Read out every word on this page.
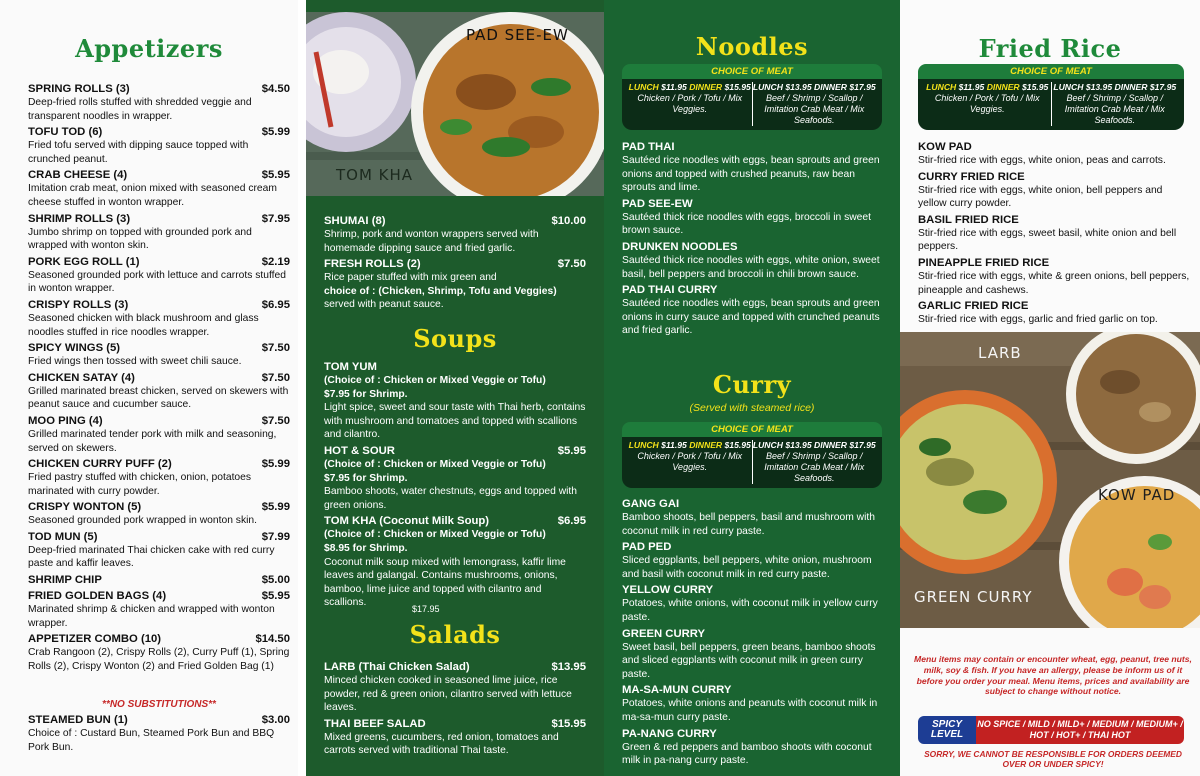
Appetizers
SPRING ROLLS (3)	$4.50
Deep-fried rolls stuffed with shredded veggie and transparent noodles in wrapper.
TOFU TOD (6)	$5.99
Fried tofu served with dipping sauce topped with crunched peanut.
CRAB CHEESE (4)	$5.95
Imitation crab meat, onion mixed with seasoned cream cheese stuffed in wonton wrapper.
SHRIMP ROLLS (3)	$7.95
Jumbo shrimp on topped with grounded pork and wrapped with wonton skin.
PORK EGG ROLL (1)	$2.19
Seasoned grounded pork with lettuce and carrots stuffed in wonton wrapper.
CRISPY ROLLS (3)	$6.95
Seasoned chicken with black mushroom and glass noodles stuffed in rice noodles wrapper.
SPICY WINGS (5)	$7.50
Fried wings then tossed with sweet chili sauce.
CHICKEN SATAY (4)	$7.50
Grilled marinated breast chicken, served on skewers with peanut sauce and cucumber sauce.
MOO PING (4)	$7.50
Grilled marinated tender pork with milk and seasoning, served on skewers.
CHICKEN CURRY PUFF (2)	$5.99
Fried pastry stuffed with chicken, onion, potatoes marinated with curry powder.
CRISPY WONTON (5)	$5.99
Seasoned grounded pork wrapped in wonton skin.
TOD MUN (5)	$7.99
Deep-fried marinated Thai chicken cake with red curry paste and kaffir leaves.
SHRIMP CHIP	$5.00
FRIED GOLDEN BAGS (4)	$5.95
Marinated shrimp & chicken and wrapped with wonton wrapper.
APPETIZER COMBO (10)	$14.50
Crab Rangoon (2), Crispy Rolls (2), Curry Puff (1), Spring Rolls (2), Crispy Wonton (2) and Fried Golden Bag (1)
**NO SUBSTITUTIONS**
STEAMED BUN (1)	$3.00
Choice of : Custard Bun, Steamed Pork Bun and BBQ Pork Bun.
PAD SEE-EW
TOM KHA
SHUMAI (8)	$10.00
Shrimp, pork and wonton wrappers served with homemade dipping sauce and fried garlic.
FRESH ROLLS (2)	$7.50
Rice paper stuffed with mix green and
choice of : (Chicken, Shrimp, Tofu and Veggies)
served with peanut sauce.
Soups
TOM YUM
(Choice of : Chicken or Mixed Veggie or Tofu)
$7.95 for Shrimp.
Light spice, sweet and sour taste with Thai herb, contains with mushroom and tomatoes and topped with scallions and cilantro.
HOT & SOUR	$5.95
(Choice of : Chicken or Mixed Veggie or Tofu)
$7.95 for Shrimp.
Bamboo shoots, water chestnuts, eggs and topped with green onions.
TOM KHA (Coconut Milk Soup)	$6.95
(Choice of : Chicken or Mixed Veggie or Tofu)
$8.95 for Shrimp.
Coconut milk soup mixed with lemongrass, kaffir lime leaves and galangal. Contains mushrooms, onions, bamboo, lime juice and topped with cilantro and scallions.
$17.95
Salads
LARB (Thai Chicken Salad)	$13.95
Minced chicken cooked in seasoned lime juice, rice powder, red & green onion, cilantro served with lettuce leaves.
THAI BEEF SALAD	$15.95
Mixed greens, cucumbers, red onion, tomatoes and carrots served with traditional Thai taste.
Noodles
CHOICE OF MEAT
LUNCH $11.95 DINNER $15.95
Chicken / Pork / Tofu / Mix Veggies.
LUNCH $13.95 DINNER $17.95
Beef / Shrimp / Scallop / Imitation Crab Meat / Mix Seafoods.
PAD THAI
Sautéed rice noodles with eggs, bean sprouts and green onions and topped with crushed peanuts, raw bean sprouts and lime.
PAD SEE-EW
Sautéed thick rice noodles with eggs, broccoli in sweet brown sauce.
DRUNKEN NOODLES
Sautéed thick rice noodles with eggs, white onion, sweet basil, bell peppers and broccoli in chili brown sauce.
PAD THAI CURRY
Sautéed rice noodles with eggs, bean sprouts and green onions in curry sauce and topped with crunched peanuts and fried garlic.
Curry
(Served with steamed rice)
CHOICE OF MEAT
LUNCH $11.95 DINNER $15.95
Chicken / Pork / Tofu / Mix Veggies.
LUNCH $13.95 DINNER $17.95
Beef / Shrimp / Scallop / Imitation Crab Meat / Mix Seafoods.
GANG GAI
Bamboo shoots, bell peppers, basil and mushroom with coconut milk in red curry paste.
PAD PED
Sliced eggplants, bell peppers, white onion, mushroom and basil with coconut milk in red curry paste.
YELLOW CURRY
Potatoes, white onions, with coconut milk in yellow curry paste.
GREEN CURRY
Sweet basil, bell peppers, green beans, bamboo shoots and sliced eggplants with coconut milk in green curry paste.
MA-SA-MUN CURRY
Potatoes, white onions and peanuts with coconut milk in ma-sa-mun curry paste.
PA-NANG CURRY
Green & red peppers and bamboo shoots with coconut milk in pa-nang curry paste.
Fried Rice
CHOICE OF MEAT
LUNCH $11.95 DINNER $15.95
Chicken / Pork / Tofu / Mix Veggies.
LUNCH $13.95 DINNER $17.95
Beef / Shrimp / Scallop / Imitation Crab Meat / Mix Seafoods.
KOW PAD
Stir-fried rice with eggs, white onion, peas and carrots.
CURRY FRIED RICE
Stir-fried rice with eggs, white onion, bell peppers and yellow curry powder.
BASIL FRIED RICE
Stir-fried rice with eggs, sweet basil, white onion and bell peppers.
PINEAPPLE FRIED RICE
Stir-fried rice with eggs, white & green onions, bell peppers, pineapple and cashews.
GARLIC FRIED RICE
Stir-fried rice with eggs, garlic and fried garlic on top.
LARB
KOW PAD
GREEN CURRY
Menu items may contain or encounter wheat, egg, peanut, tree nuts, milk, soy & fish. If you have an allergy, please be inform us of it before you order your meal. Menu items, prices and availability are subject to change without notice.
SORRY, WE CANNOT BE RESPONSIBLE FOR ORDERS DEEMED OVER OR UNDER SPICY!
SPICY LEVEL
NO SPICE / MILD / MILD+ / MEDIUM / MEDIUM+ / HOT / HOT+ / THAI HOT
